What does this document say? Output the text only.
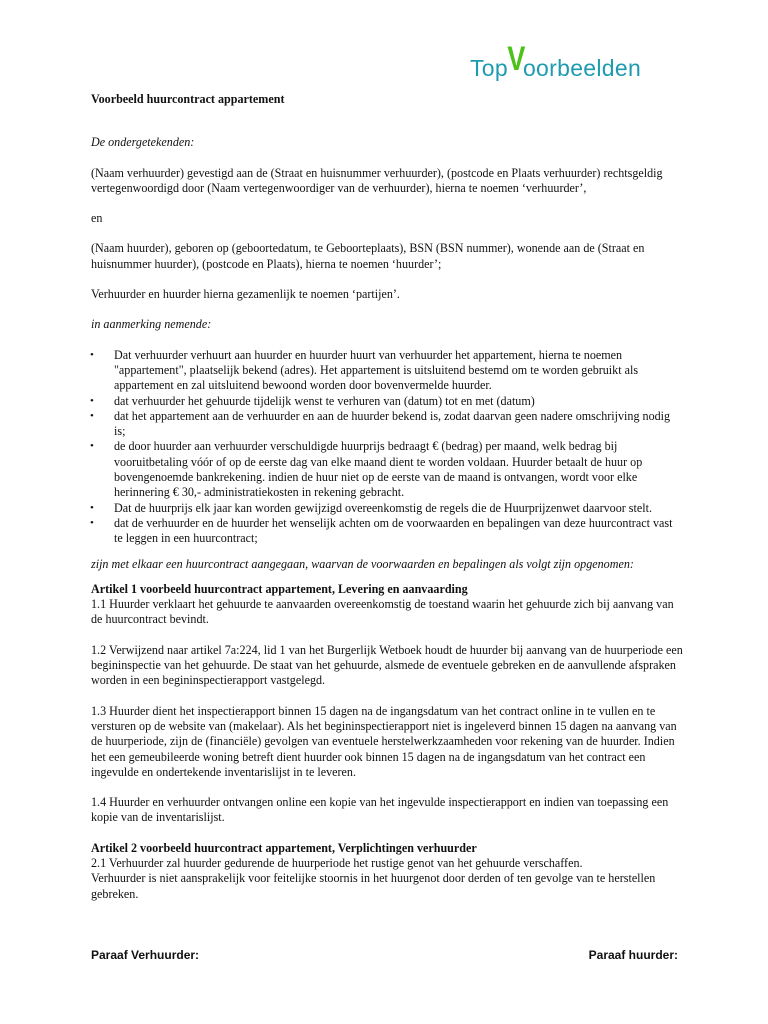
TopVoorbeelden

Voorbeeld huurcontract appartement

De ondergetekenden:

(Naam verhuurder) gevestigd aan de (Straat en huisnummer verhuurder), (postcode en Plaats verhuurder) rechtsgeldig vertegenwoordigd door (Naam vertegenwoordiger van de verhuurder), hierna te noemen ‘verhuurder’,

en

(Naam huurder), geboren op (geboortedatum, te Geboorteplaats), BSN (BSN nummer), wonende aan de (Straat en huisnummer huurder), (postcode en Plaats), hierna te noemen ‘huurder’;

Verhuurder en huurder hierna gezamenlijk te noemen ‘partijen’.

in aanmerking nemende:

• Dat verhuurder verhuurt aan huurder en huurder huurt van verhuurder het appartement, hierna te noemen "appartement", plaatselijk bekend (adres). Het appartement is uitsluitend bestemd om te worden gebruikt als appartement en zal uitsluitend bewoond worden door bovenvermelde huurder.
• dat verhuurder het gehuurde tijdelijk wenst te verhuren van (datum) tot en met (datum)
• dat het appartement aan de verhuurder en aan de huurder bekend is, zodat daarvan geen nadere omschrijving nodig is;
• de door huurder aan verhuurder verschuldigde huurprijs bedraagt € (bedrag) per maand, welk bedrag bij vooruitbetaling vóór of op de eerste dag van elke maand dient te worden voldaan. Huurder betaalt de huur op bovengenoemde bankrekening. indien de huur niet op de eerste van de maand is ontvangen, wordt voor elke herinnering € 30,- administratiekosten in rekening gebracht.
• Dat de huurprijs elk jaar kan worden gewijzigd overeenkomstig de regels die de Huurprijzenwet daarvoor stelt.
• dat de verhuurder en de huurder het wenselijk achten om de voorwaarden en bepalingen van deze huurcontract vast te leggen in een huurcontract;

zijn met elkaar een huurcontract aangegaan, waarvan de voorwaarden en bepalingen als volgt zijn opgenomen:

Artikel 1 voorbeeld huurcontract appartement, Levering en aanvaarding

1.1 Huurder verklaart het gehuurde te aanvaarden overeenkomstig de toestand waarin het gehuurde zich bij aanvang van de huurcontract bevindt.

1.2 Verwijzend naar artikel 7a:224, lid 1 van het Burgerlijk Wetboek houdt de huurder bij aanvang van de huurperiode een begininspectie van het gehuurde. De staat van het gehuurde, alsmede de eventuele gebreken en de aanvullende afspraken worden in een begininspectierapport vastgelegd.

1.3 Huurder dient het inspectierapport binnen 15 dagen na de ingangsdatum van het contract online in te vullen en te versturen op de website van (makelaar). Als het begininspectierapport niet is ingeleverd binnen 15 dagen na aanvang van de huurperiode, zijn de (financiële) gevolgen van eventuele herstelwerkzaamheden voor rekening van de huurder. Indien het een gemeubileerde woning betreft dient huurder ook binnen 15 dagen na de ingangsdatum van het contract een ingevulde en ondertekende inventarislijst in te leveren.

1.4 Huurder en verhuurder ontvangen online een kopie van het ingevulde inspectierapport en indien van toepassing een kopie van de inventarislijst.

Artikel 2 voorbeeld huurcontract appartement, Verplichtingen verhuurder

2.1 Verhuurder zal huurder gedurende de huurperiode het rustige genot van het gehuurde verschaffen.

Verhuurder is niet aansprakelijk voor feitelijke stoornis in het huurgenot door derden of ten gevolge van te herstellen gebreken.

Paraaf Verhuurder:	Paraaf huurder:
